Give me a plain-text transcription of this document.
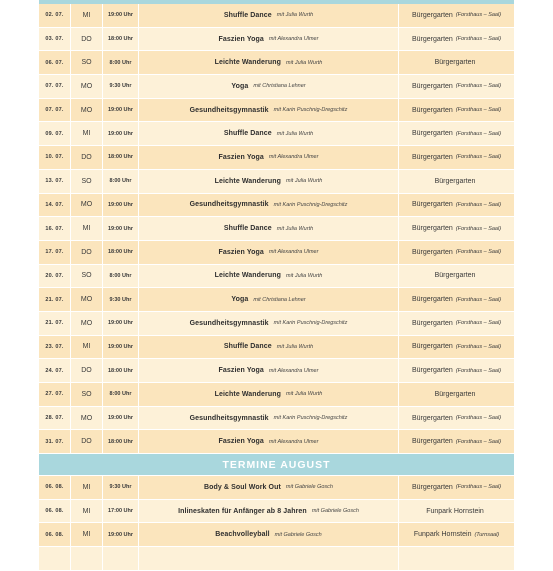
02. 07.	MI	19:00 Uhr	Shuffle Dance mit Julia Wurth	Bürgergarten (Forsthaus – Saal)
03. 07.	DO	18:00 Uhr	Faszien Yoga mit Alexandra Ulmer	Bürgergarten (Forsthaus – Saal)
06. 07.	SO	8:00 Uhr	Leichte Wanderung mit Julia Wurth	Bürgergarten
07. 07.	MO	9:30 Uhr	Yoga mit Christiana Lehner	Bürgergarten (Forsthaus – Saal)
07. 07.	MO	19:00 Uhr	Gesundheitsgymnastik mit Karin Puschnig-Dregschitz	Bürgergarten (Forsthaus – Saal)
09. 07.	MI	19:00 Uhr	Shuffle Dance mit Julia Wurth	Bürgergarten (Forsthaus – Saal)
10. 07.	DO	18:00 Uhr	Faszien Yoga mit Alexandra Ulmer	Bürgergarten (Forsthaus – Saal)
13. 07.	SO	8:00 Uhr	Leichte Wanderung mit Julia Wurth	Bürgergarten
14. 07.	MO	19:00 Uhr	Gesundheitsgymnastik mit Karin Puschnig-Dregschitz	Bürgergarten (Forsthaus – Saal)
16. 07.	MI	19:00 Uhr	Shuffle Dance mit Julia Wurth	Bürgergarten (Forsthaus – Saal)
17. 07.	DO	18:00 Uhr	Faszien Yoga mit Alexandra Ulmer	Bürgergarten (Forsthaus – Saal)
20. 07.	SO	8:00 Uhr	Leichte Wanderung mit Julia Wurth	Bürgergarten
21. 07.	MO	9:30 Uhr	Yoga mit Christiana Lehner	Bürgergarten (Forsthaus – Saal)
21. 07.	MO	19:00 Uhr	Gesundheitsgymnastik mit Karin Puschnig-Dregschitz	Bürgergarten (Forsthaus – Saal)
23. 07.	MI	19:00 Uhr	Shuffle Dance mit Julia Wurth	Bürgergarten (Forsthaus – Saal)
24. 07.	DO	18:00 Uhr	Faszien Yoga mit Alexandra Ulmer	Bürgergarten (Forsthaus – Saal)
27. 07.	SO	8:00 Uhr	Leichte Wanderung mit Julia Wurth	Bürgergarten
28. 07.	MO	19:00 Uhr	Gesundheitsgymnastik mit Karin Puschnig-Dregschitz	Bürgergarten (Forsthaus – Saal)
31. 07.	DO	18:00 Uhr	Faszien Yoga mit Alexandra Ulmer	Bürgergarten (Forsthaus – Saal)
TERMINE AUGUST
06. 08.	MI	9:30 Uhr	Body & Soul Work Out mit Gabriele Gosch	Bürgergarten (Forsthaus – Saal)
06. 08.	MI	17:00 Uhr	Inlineskaten für Anfänger ab 8 Jahren mit Gabriele Gosch	Funpark Hornstein
06. 08.	MI	19:00 Uhr	Beachvolleyball mit Gabriele Gosch	Funpark Hornstein (Turnsaal)
